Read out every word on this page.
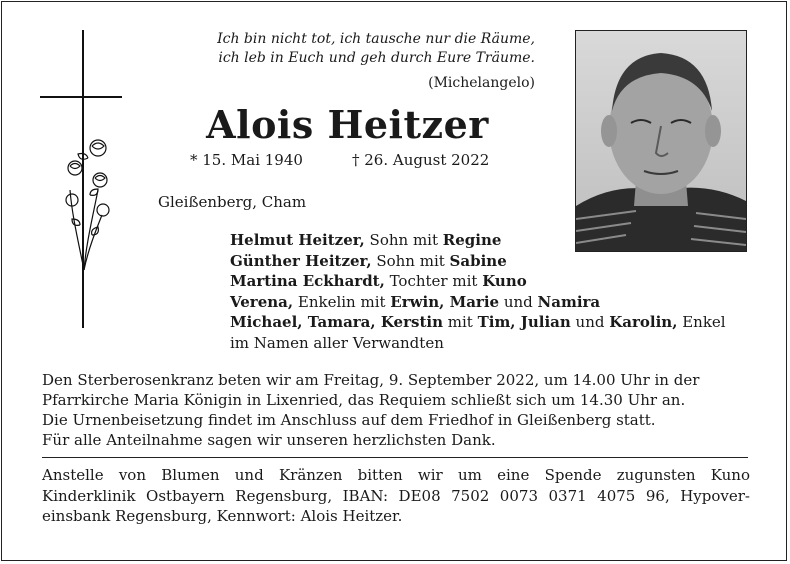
Ich bin nicht tot, ich tausche nur die Räume,
ich leb in Euch und geh durch Eure Träume.
(Michelangelo)
Alois Heitzer
* 15. Mai 1940	† 26. August 2022
Gleißenberg, Cham
Helmut Heitzer, Sohn mit Regine
Günther Heitzer, Sohn mit Sabine
Martina Eckhardt, Tochter mit Kuno
Verena, Enkelin mit Erwin, Marie und Namira
Michael, Tamara, Kerstin mit Tim, Julian und Karolin, Enkel
im Namen aller Verwandten
Den Sterberosenkranz beten wir am Freitag, 9. September 2022, um 14.00 Uhr in der
Pfarrkirche Maria Königin in Lixenried, das Requiem schließt sich um 14.30 Uhr an.
Die Urnenbeisetzung findet im Anschluss auf dem Friedhof in Gleißenberg statt.
Für alle Anteilnahme sagen wir unseren herzlichsten Dank.
Anstelle von Blumen und Kränzen bitten wir um eine Spende zugunsten Kuno
Kinderklinik Ostbayern Regensburg, IBAN: DE08 7502 0073 0371 4075 96, Hypover-
einsbank Regensburg, Kennwort: Alois Heitzer.
